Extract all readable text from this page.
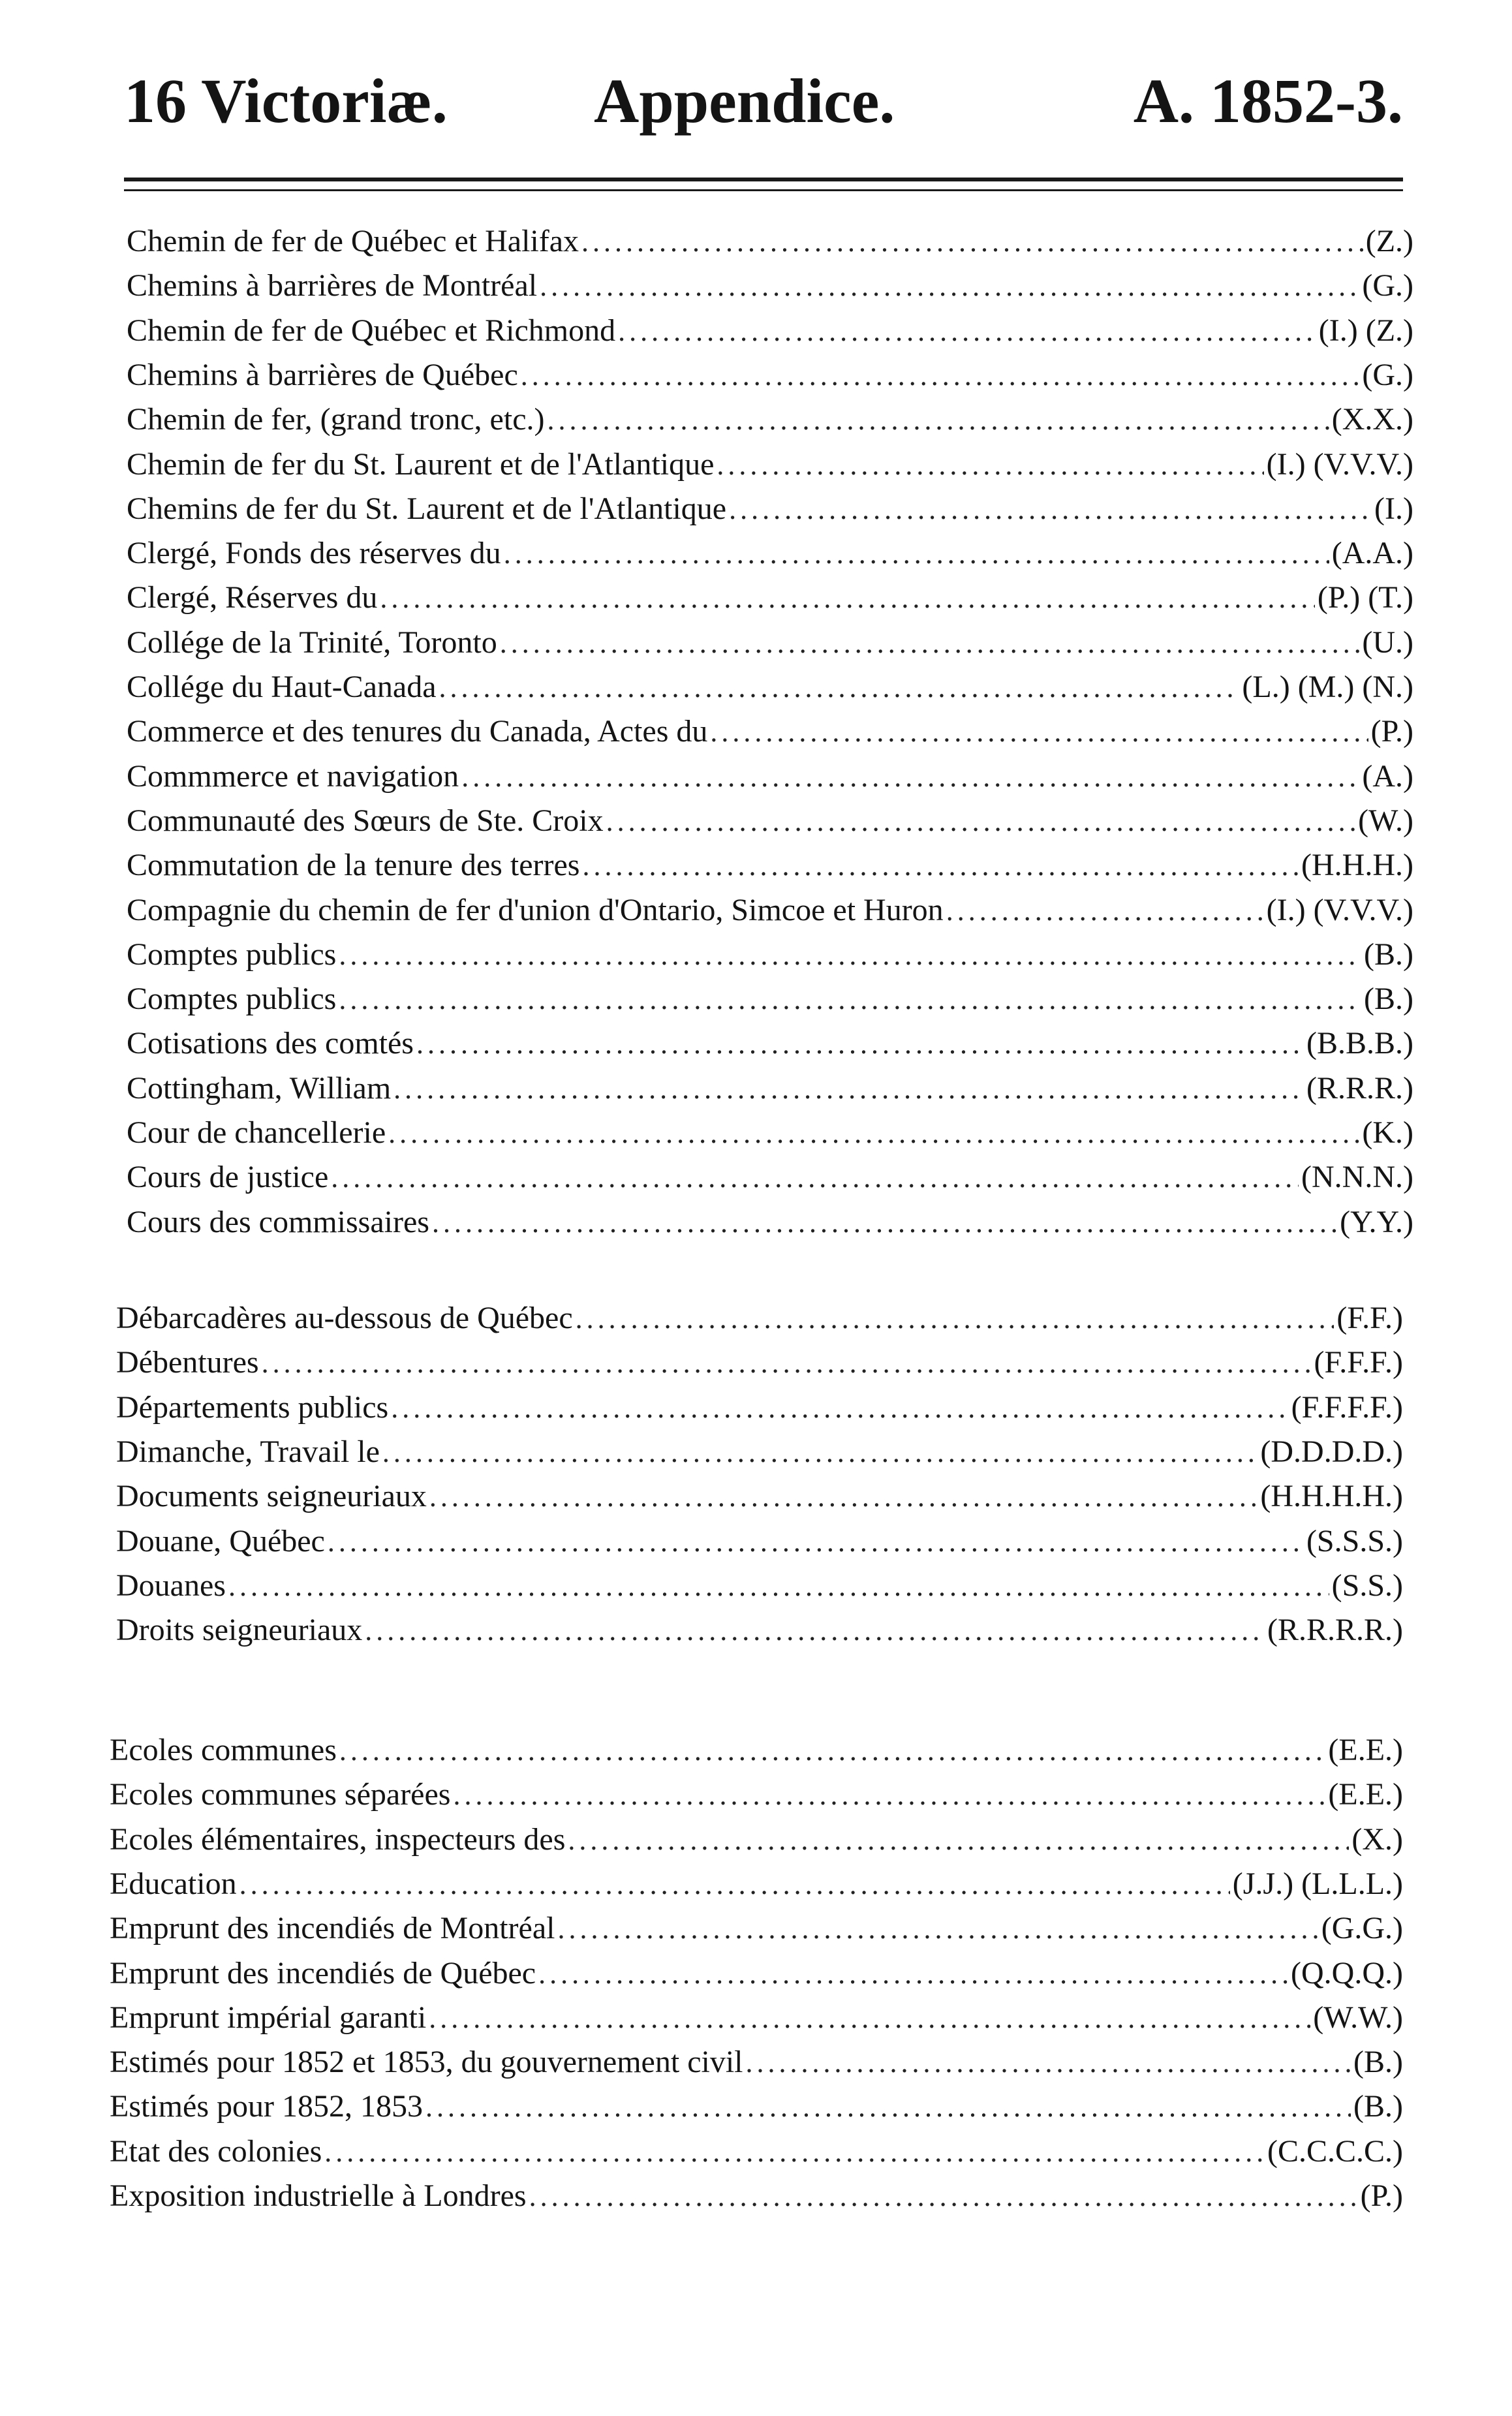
16 Victoriæ. Appendice.	A. 1852-3.
Chemin de fer de Québec et Halifax .....	(Z.)
Chemins à barrières de Montréal .....	(G.)
Chemin de fer de Québec et Richmond .....	(I.) (Z.)
Chemins à barrières de Québec .....	(G.)
Chemin de fer, (grand tronc, etc.) .....	(X.X.)
Chemin de fer du St. Laurent et de l'Atlantique .....	(I.) (V.V.V.)
Chemins de fer du St. Laurent et de l'Atlantique .....	(I.)
Clergé, Fonds des réserves du .....	(A.A.)
Clergé, Réserves du .....	(P.) (T.)
Collége de la Trinité, Toronto .....	(U.)
Collége du Haut-Canada .....	(L.) (M.) (N.)
Commerce et des tenures du Canada, Actes du .....	(P.)
Commmerce et navigation .....	(A.)
Communauté des Sœurs de Ste. Croix .....	(W.)
Commutation de la tenure des terres .....	(H.H.H.)
Compagnie du chemin de fer d'union d'Ontario, Simcoe et Huron .....	(I.) (V.V.V.)
Comptes publics .....	(B.)
Comptes publics .....	(B.)
Cotisations des comtés .....	(B.B.B.)
Cottingham, William .....	(R.R.R.)
Cour de chancellerie .....	(K.)
Cours de justice .....	(N.N.N.)
Cours des commissaires .....	(Y.Y.)
Débarcadères au-dessous de Québec .....	(F.F.)
Débentures .....	(F.F.F.)
Départements publics .....	(F.F.F.F.)
Dimanche, Travail le .....	(D.D.D.D.)
Documents seigneuriaux .....	(H.H.H.H.)
Douane, Québec .....	(S.S.S.)
Douanes .....	(S.S.)
Droits seigneuriaux .....	(R.R.R.R.)
Ecoles communes .....	(E.E.)
Ecoles communes séparées .....	(E.E.)
Ecoles élémentaires, inspecteurs des .....	(X.)
Education .....	(J.J.) (L.L.L.)
Emprunt des incendiés de Montréal .....	(G.G.)
Emprunt des incendiés de Québec .....	(Q.Q.Q.)
Emprunt impérial garanti .....	(W.W.)
Estimés pour 1852 et 1853, du gouvernement civil .....	(B.)
Estimés pour 1852, 1853 .....	(B.)
Etat des colonies .....	(C.C.C.C.)
Exposition industrielle à Londres .....	(P.)
